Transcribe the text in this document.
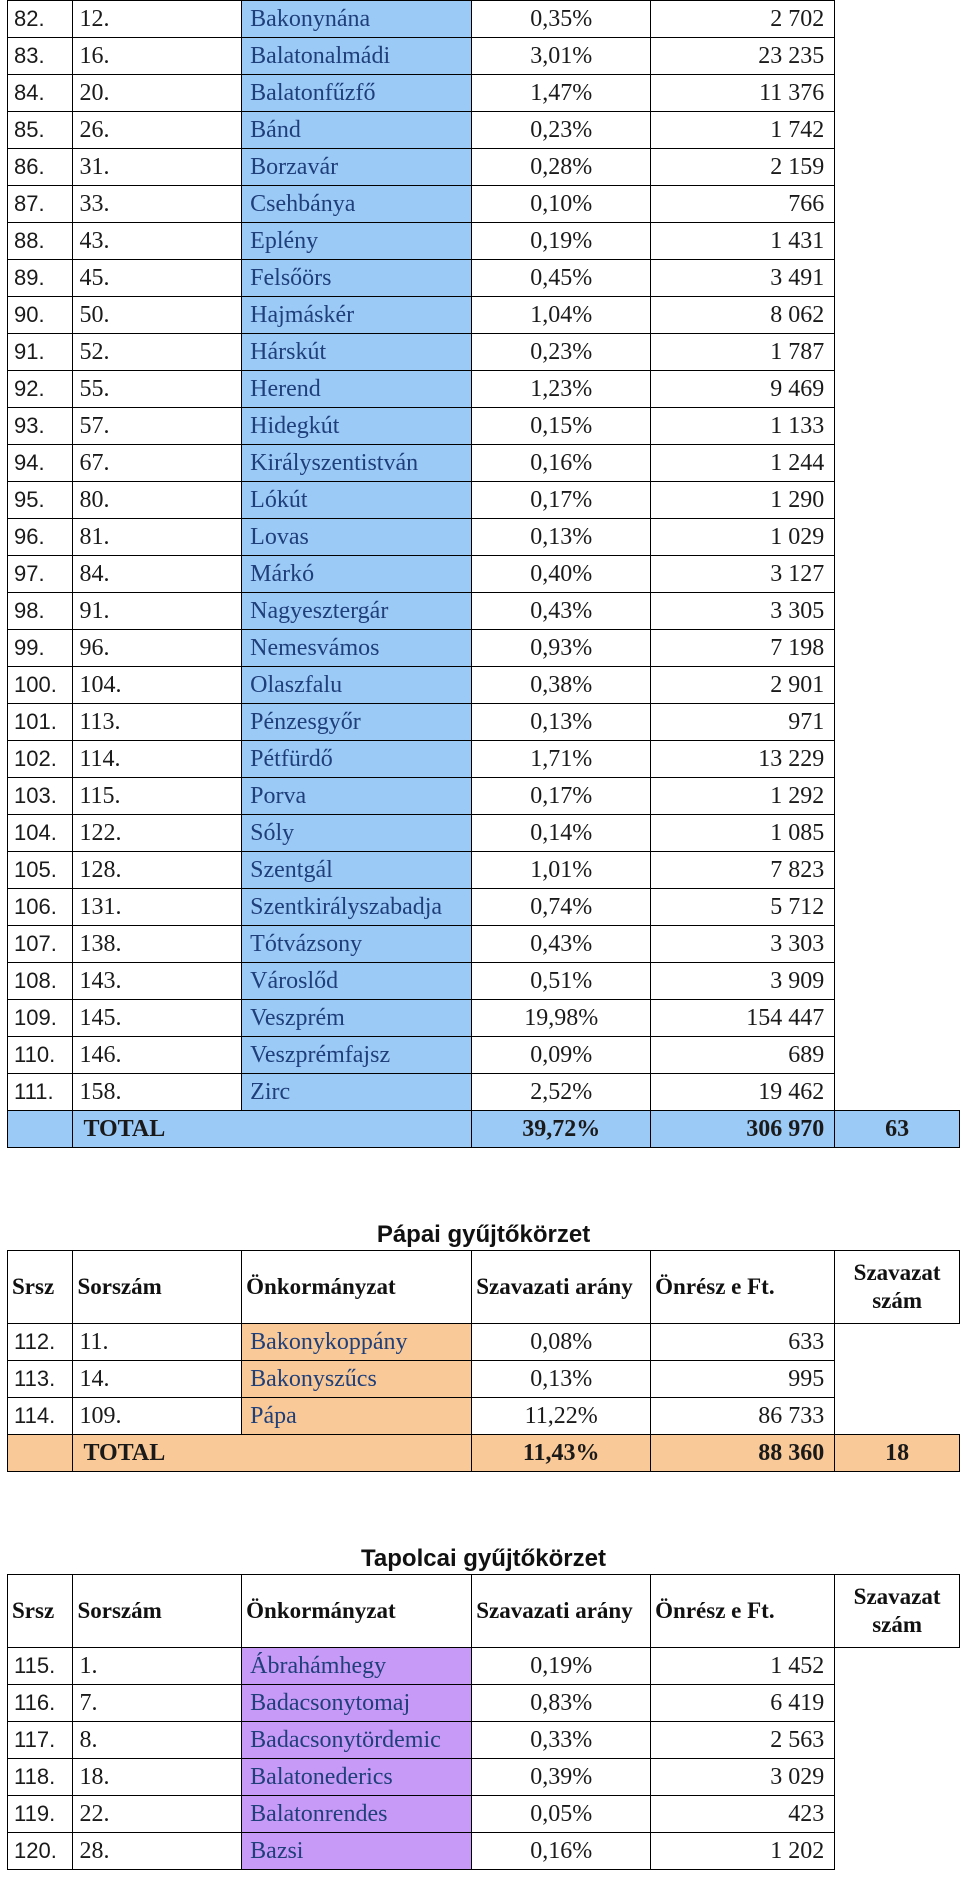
82.	12.	Bakonynána	0,35%	2 702	
83.	16.	Balatonalmádi	3,01%	23 235	
84.	20.	Balatonfűzfő	1,47%	11 376	
85.	26.	Bánd	0,23%	1 742	
86.	31.	Borzavár	0,28%	2 159	
87.	33.	Csehbánya	0,10%	766	
88.	43.	Eplény	0,19%	1 431	
89.	45.	Felsőörs	0,45%	3 491	
90.	50.	Hajmáskér	1,04%	8 062	
91.	52.	Hárskút	0,23%	1 787	
92.	55.	Herend	1,23%	9 469	
93.	57.	Hidegkút	0,15%	1 133	
94.	67.	Királyszentistván	0,16%	1 244	
95.	80.	Lókút	0,17%	1 290	
96.	81.	Lovas	0,13%	1 029	
97.	84.	Márkó	0,40%	3 127	
98.	91.	Nagyesztergár	0,43%	3 305	
99.	96.	Nemesvámos	0,93%	7 198	
100.	104.	Olaszfalu	0,38%	2 901	
101.	113.	Pénzesgyőr	0,13%	971	
102.	114.	Pétfürdő	1,71%	13 229	
103.	115.	Porva	0,17%	1 292	
104.	122.	Sóly	0,14%	1 085	
105.	128.	Szentgál	1,01%	7 823	
106.	131.	Szentkirályszabadja	0,74%	5 712	
107.	138.	Tótvázsony	0,43%	3 303	
108.	143.	Városlőd	0,51%	3 909	
109.	145.	Veszprém	19,98%	154 447	
110.	146.	Veszprémfajsz	0,09%	689	
111.	158.	Zirc	2,52%	19 462	
	TOTAL		39,72%	306 970	63
Pápai gyűjtőkörzet
Srsz	Sorszám	Önkormányzat	Szavazati arány	Önrész e Ft.	Szavazat szám
112.	11.	Bakonykoppány	0,08%	633	
113.	14.	Bakonyszűcs	0,13%	995	
114.	109.	Pápa	11,22%	86 733	
	TOTAL		11,43%	88 360	18
Tapolcai gyűjtőkörzet
Srsz	Sorszám	Önkormányzat	Szavazati arány	Önrész e Ft.	Szavazat szám
115.	1.	Ábrahámhegy	0,19%	1 452	
116.	7.	Badacsonytomaj	0,83%	6 419	
117.	8.	Badacsonytördemic	0,33%	2 563	
118.	18.	Balatonederics	0,39%	3 029	
119.	22.	Balatonrendes	0,05%	423	
120.	28.	Bazsi	0,16%	1 202	
